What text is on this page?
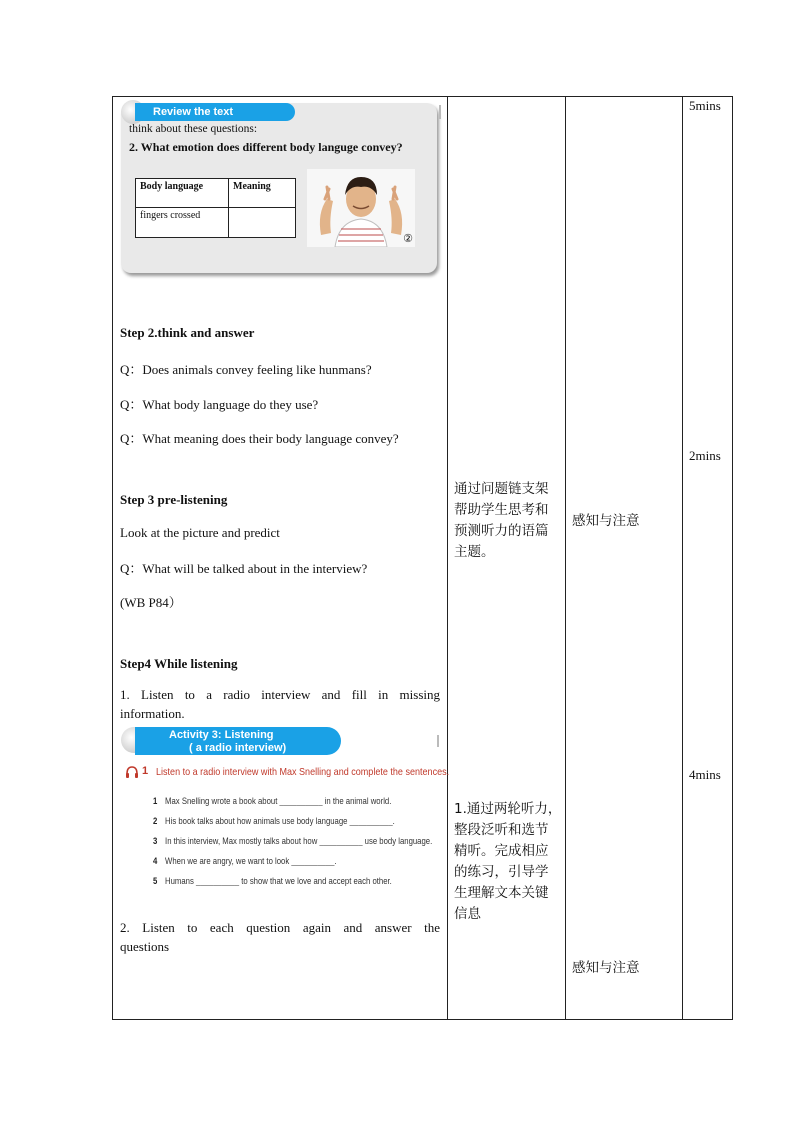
Review the text
think about these questions:
2. What emotion does different body languge convey?
Body language	Meaning
fingers crossed
②
Step 2.think and answer
Q：Does animals convey feeling like hunmans?
Q：What body language do they use?
Q：What meaning does their body language convey?
Step 3 pre-listening
Look at the picture and predict
Q：What will be talked about in the interview?
(WB P84）
Step4 While listening
1. Listen to a radio interview and fill in missing
information.
Activity 3: Listening
( a radio interview)
1 Listen to a radio interview with Max Snelling and complete the sentences.
1 Max Snelling wrote a book about __________ in the animal world.
2 His book talks about how animals use body language __________.
3 In this interview, Max mostly talks about how __________ use body language.
4 When we are angry, we want to look __________.
5 Humans __________ to show that we love and accept each other.
2. Listen to each question again and answer the
questions
通过问题链支架
帮助学生思考和
预测听力的语篇
主题。
1.通过两轮听力，
整段泛听和选节
精听。完成相应
的练习，引导学
生理解文本关键
信息
感知与注意
感知与注意
5mins
2mins
4mins
